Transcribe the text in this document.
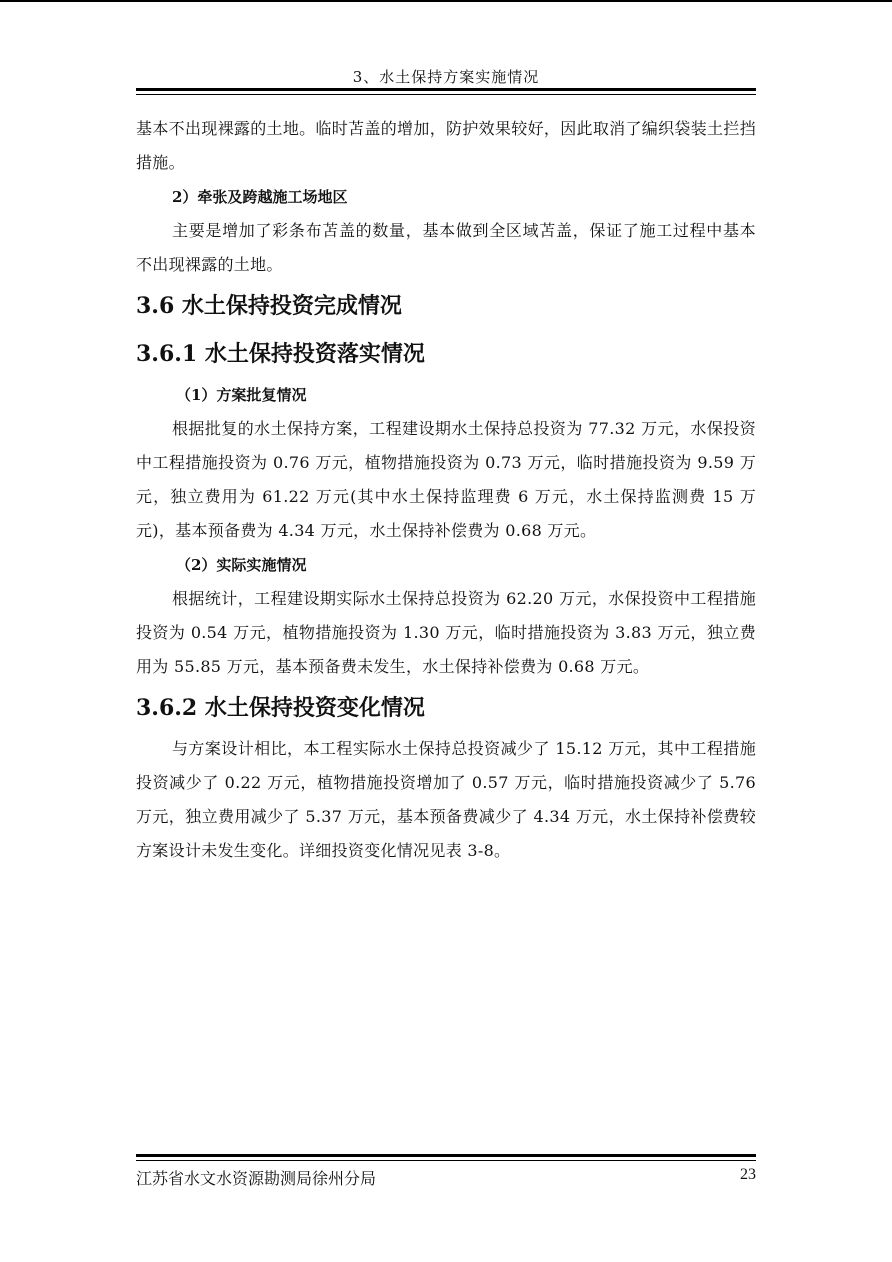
3、水土保持方案实施情况

基本不出现裸露的土地。临时苫盖的增加，防护效果较好，因此取消了编织袋装土拦挡措施。

2）牵张及跨越施工场地区

主要是增加了彩条布苫盖的数量，基本做到全区域苫盖，保证了施工过程中基本不出现裸露的土地。

3.6 水土保持投资完成情况
3.6.1 水土保持投资落实情况

（1）方案批复情况

根据批复的水土保持方案，工程建设期水土保持总投资为 77.32 万元，水保投资中工程措施投资为 0.76 万元，植物措施投资为 0.73 万元，临时措施投资为 9.59 万元，独立费用为 61.22 万元(其中水土保持监理费 6 万元，水土保持监测费 15 万元)，基本预备费为 4.34 万元，水土保持补偿费为 0.68 万元。

（2）实际实施情况

根据统计，工程建设期实际水土保持总投资为 62.20 万元，水保投资中工程措施投资为 0.54 万元，植物措施投资为 1.30 万元，临时措施投资为 3.83 万元，独立费用为 55.85 万元，基本预备费未发生，水土保持补偿费为 0.68 万元。

3.6.2 水土保持投资变化情况

与方案设计相比，本工程实际水土保持总投资减少了 15.12 万元，其中工程措施投资减少了 0.22 万元，植物措施投资增加了 0.57 万元，临时措施投资减少了 5.76 万元，独立费用减少了 5.37 万元，基本预备费减少了 4.34 万元，水土保持补偿费较方案设计未发生变化。详细投资变化情况见表 3-8。

江苏省水文水资源勘测局徐州分局	23
